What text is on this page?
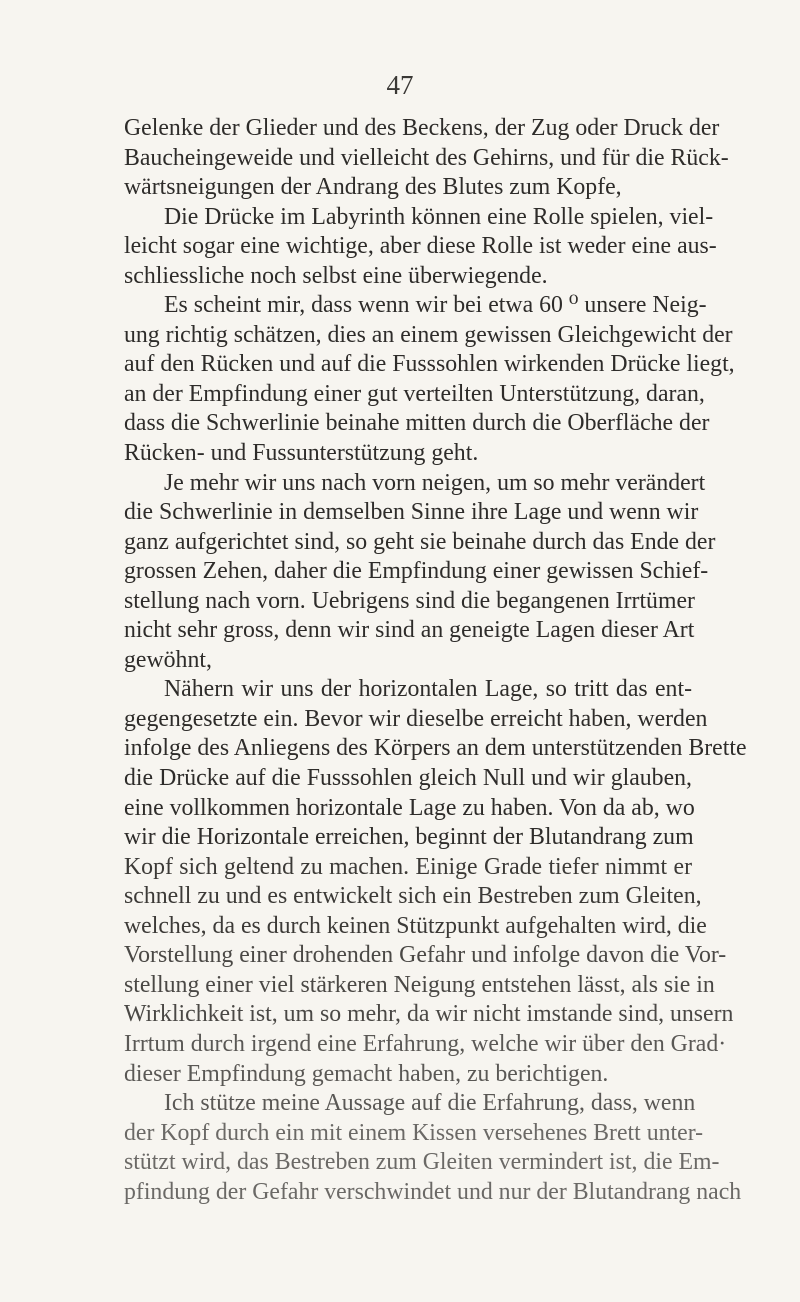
47
Gelenke der Glieder und des Beckens, der Zug oder Druck der
Baucheingeweide und vielleicht des Gehirns, und für die Rück-
wärtsneigungen der Andrang des Blutes zum Kopfe,
Die Drücke im Labyrinth können eine Rolle spielen, viel-
leicht sogar eine wichtige, aber diese Rolle ist weder eine aus-
schliessliche noch selbst eine überwiegende.
Es scheint mir, dass wenn wir bei etwa 60 ⁰ unsere Neig-
ung richtig schätzen, dies an einem gewissen Gleichgewicht der
auf den Rücken und auf die Fusssohlen wirkenden Drücke liegt,
an der Empfindung einer gut verteilten Unterstützung, daran,
dass die Schwerlinie beinahe mitten durch die Oberfläche der
Rücken- und Fussunterstützung geht.
Je mehr wir uns nach vorn neigen, um so mehr verändert
die Schwerlinie in demselben Sinne ihre Lage und wenn wir
ganz aufgerichtet sind, so geht sie beinahe durch das Ende der
grossen Zehen, daher die Empfindung einer gewissen Schief-
stellung nach vorn. Uebrigens sind die begangenen Irrtümer
nicht sehr gross, denn wir sind an geneigte Lagen dieser Art
gewöhnt,
Nähern wir uns der horizontalen Lage, so tritt das ent-
gegengesetzte ein. Bevor wir dieselbe erreicht haben, werden
infolge des Anliegens des Körpers an dem unterstützenden Brette
die Drücke auf die Fusssohlen gleich Null und wir glauben,
eine vollkommen horizontale Lage zu haben. Von da ab, wo
wir die Horizontale erreichen, beginnt der Blutandrang zum
Kopf sich geltend zu machen. Einige Grade tiefer nimmt er
schnell zu und es entwickelt sich ein Bestreben zum Gleiten,
welches, da es durch keinen Stützpunkt aufgehalten wird, die
Vorstellung einer drohenden Gefahr und infolge davon die Vor-
stellung einer viel stärkeren Neigung entstehen lässt, als sie in
Wirklichkeit ist, um so mehr, da wir nicht imstande sind, unsern
Irrtum durch irgend eine Erfahrung, welche wir über den Grad·
dieser Empfindung gemacht haben, zu berichtigen.
Ich stütze meine Aussage auf die Erfahrung, dass, wenn
der Kopf durch ein mit einem Kissen versehenes Brett unter-
stützt wird, das Bestreben zum Gleiten vermindert ist, die Em-
pfindung der Gefahr verschwindet und nur der Blutandrang nach
